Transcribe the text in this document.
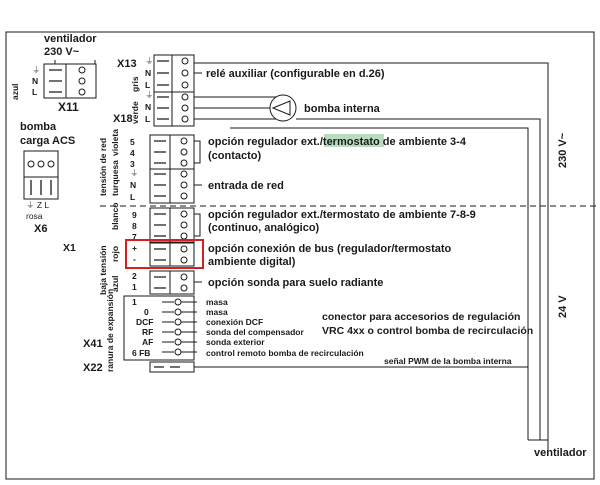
ventilador
230 V~
azul
⏚
N
L
X11
bomba
carga ACS
⏚ Z L
rosa
X6
X13
gris
⏚
N
L
relé auxiliar (configurable en d.26)
X18
verde
⏚
N
L
bomba interna
230 V~
24 V
ventilador
tensión de red turquesa
violeta 5
4
3
opción regulador ext./termostato de ambiente 3-4
(contacto)
⏚
N
L
entrada de red
X1	baja tensión
blanco 9
8
7
opción regulador ext./termostato de ambiente 7-8-9
(continuo, analógico)
rojo +
-
opción conexión de bus (regulador/termostato
ambiente digital)
azul 2
1	opción sonda para suelo radiante
ranura de expansión
X41
1
0
DCF
RF
AF
6 FB
masa
masa
conexión DCF
sonda del compensador
sonda exterior
control remoto bomba de recirculación
conector para accesorios de regulación
VRC 4xx o control bomba de recirculación
X22
señal PWM de la bomba interna
